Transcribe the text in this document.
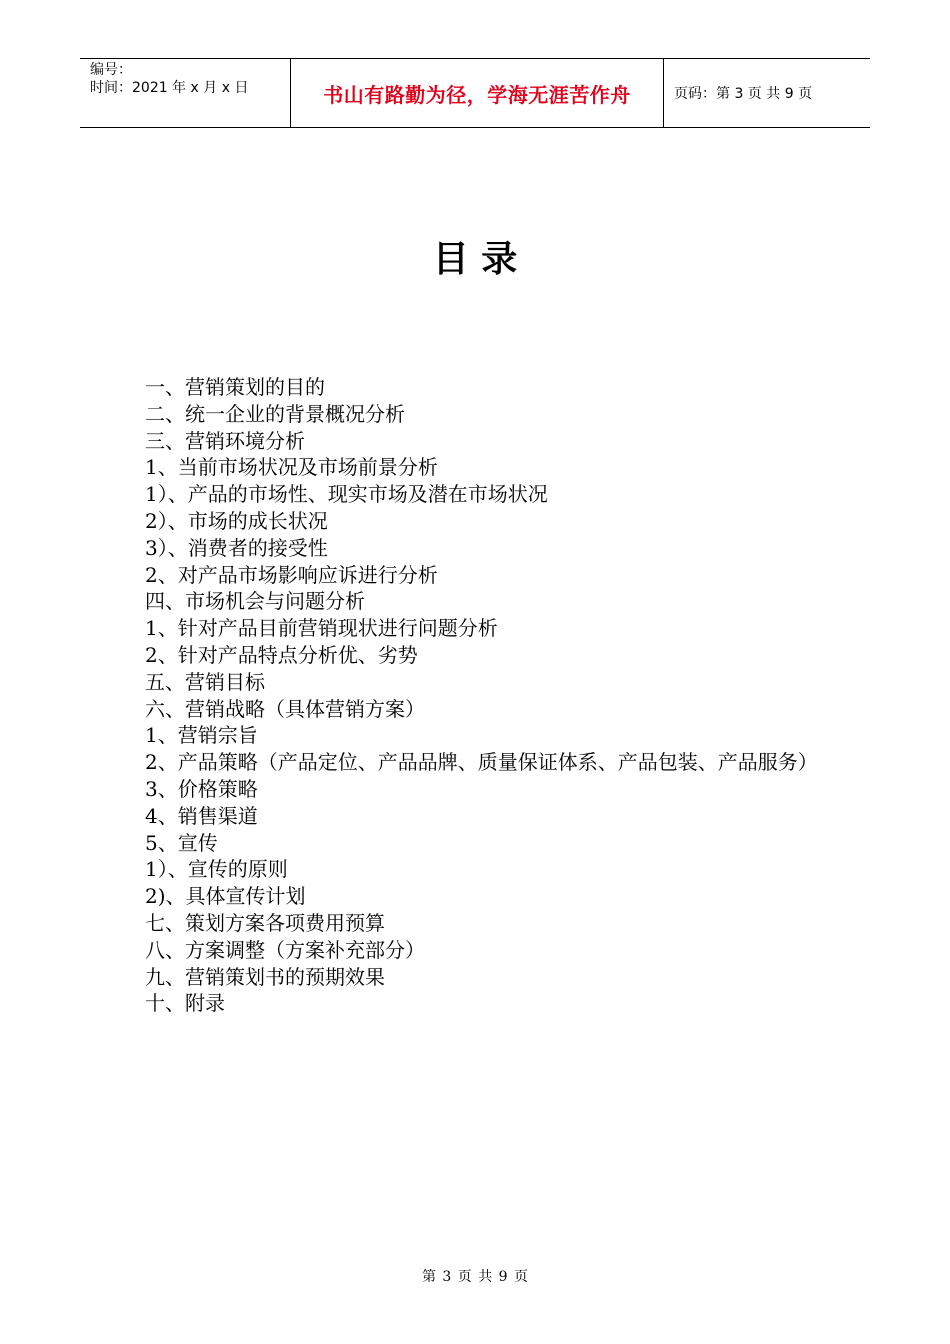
编号：
时间：2021 年 x 月 x 日	书山有路勤为径，学海无涯苦作舟	页码：第 3 页 共 9 页
目 录
一、营销策划的目的
二、统一企业的背景概况分析
三、营销环境分析
1、当前市场状况及市场前景分析
1）、产品的市场性、现实市场及潜在市场状况
2）、市场的成长状况
3）、消费者的接受性
2、对产品市场影响应诉进行分析
四、市场机会与问题分析
1、针对产品目前营销现状进行问题分析
2、针对产品特点分析优、劣势
五、营销目标
六、营销战略（具体营销方案）
1、营销宗旨
2、产品策略（产品定位、产品品牌、质量保证体系、产品包装、产品服务）
3、价格策略
4、销售渠道
5、宣传
1）、宣传的原则
2)、具体宣传计划
七、策划方案各项费用预算
八、方案调整（方案补充部分）
九、营销策划书的预期效果
十、附录
第 3 页 共 9 页
